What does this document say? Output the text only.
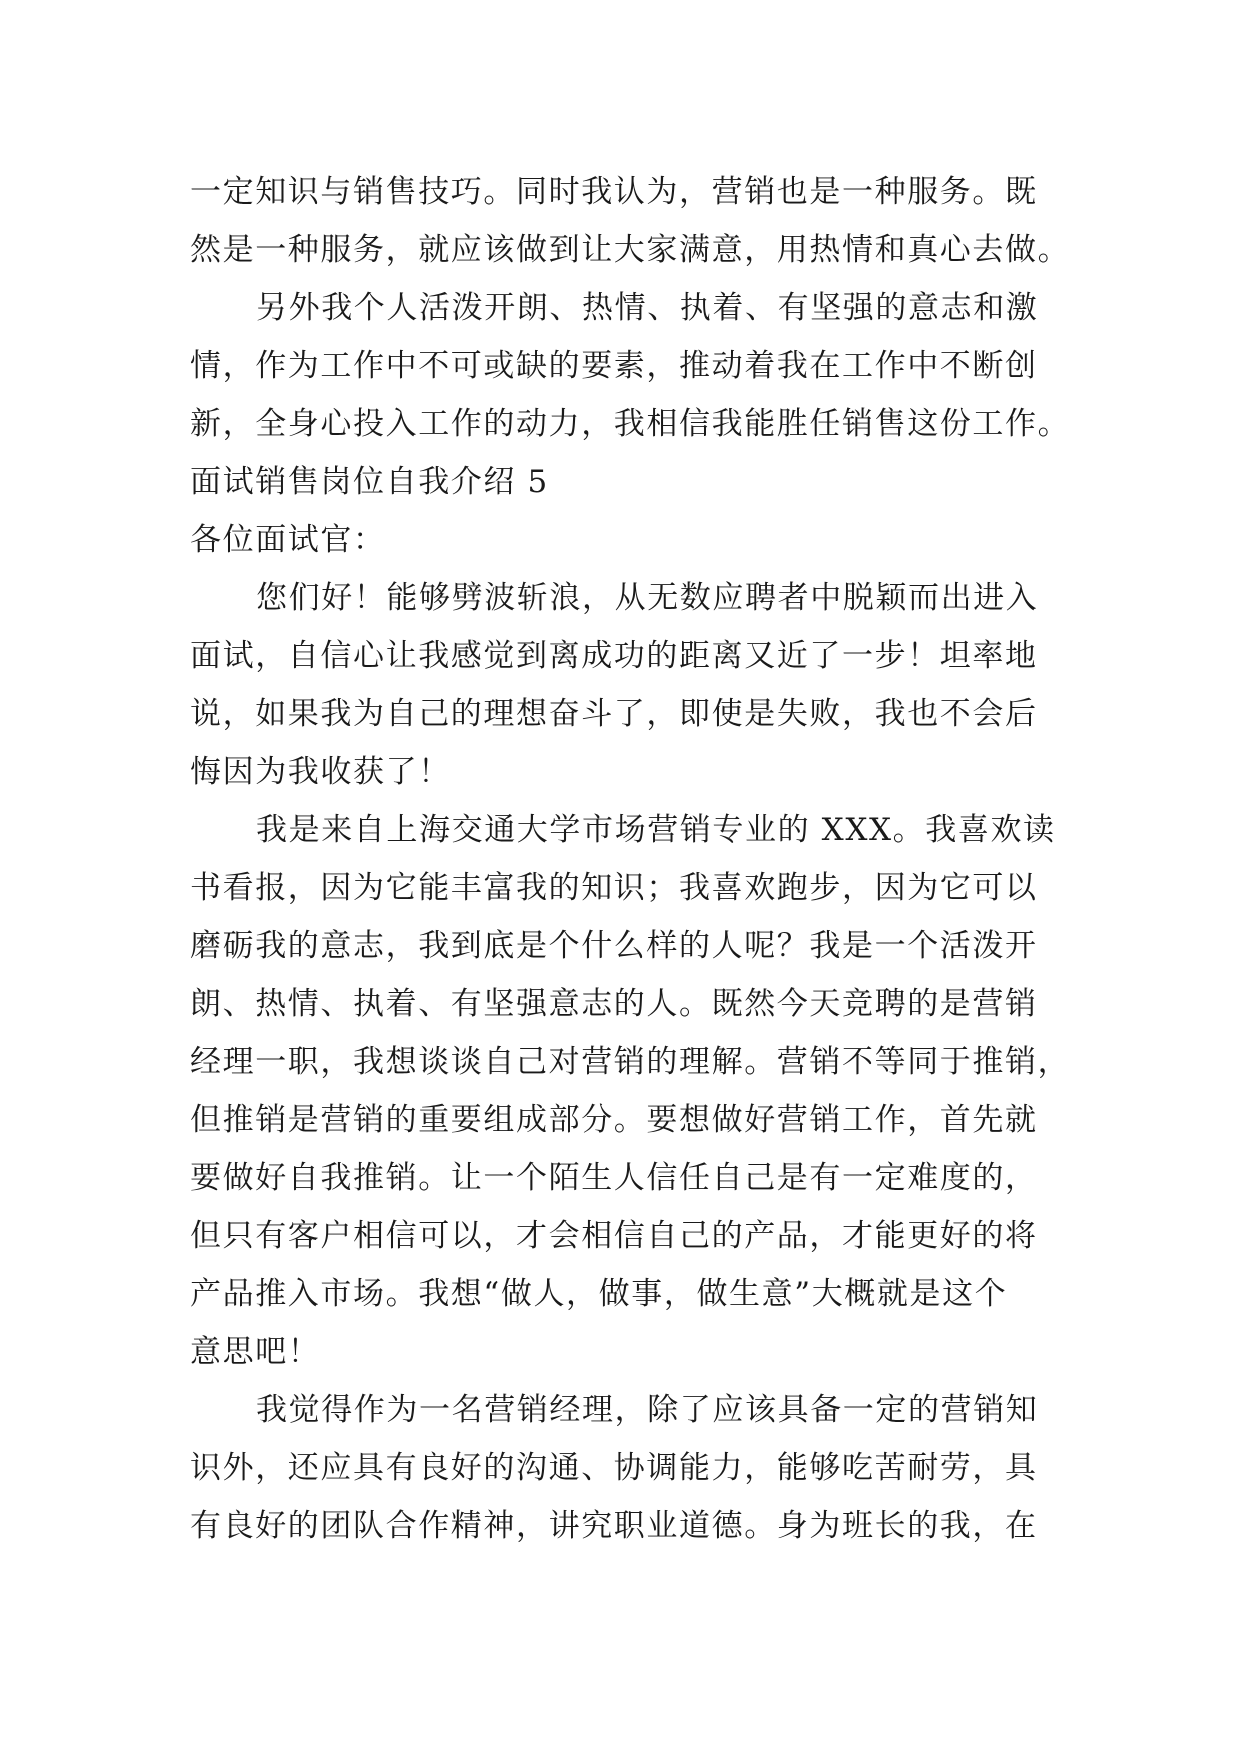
一定知识与销售技巧。同时我认为，营销也是一种服务。既
然是一种服务，就应该做到让大家满意，用热情和真心去做。
另外我个人活泼开朗、热情、执着、有坚强的意志和激
情，作为工作中不可或缺的要素，推动着我在工作中不断创
新，全身心投入工作的动力，我相信我能胜任销售这份工作。
面试销售岗位自我介绍 5
各位面试官：
您们好！能够劈波斩浪，从无数应聘者中脱颖而出进入
面试，自信心让我感觉到离成功的距离又近了一步！坦率地
说，如果我为自己的理想奋斗了，即使是失败，我也不会后
悔因为我收获了！
我是来自上海交通大学市场营销专业的 XXX。我喜欢读
书看报，因为它能丰富我的知识；我喜欢跑步，因为它可以
磨砺我的意志，我到底是个什么样的人呢？我是一个活泼开
朗、热情、执着、有坚强意志的人。既然今天竞聘的是营销
经理一职，我想谈谈自己对营销的理解。营销不等同于推销，
但推销是营销的重要组成部分。要想做好营销工作，首先就
要做好自我推销。让一个陌生人信任自己是有一定难度的，
但只有客户相信可以，才会相信自己的产品，才能更好的将
产品推入市场。我想“做人，做事，做生意”大概就是这个
意思吧！
我觉得作为一名营销经理，除了应该具备一定的营销知
识外，还应具有良好的沟通、协调能力，能够吃苦耐劳，具
有良好的团队合作精神，讲究职业道德。身为班长的我，在
